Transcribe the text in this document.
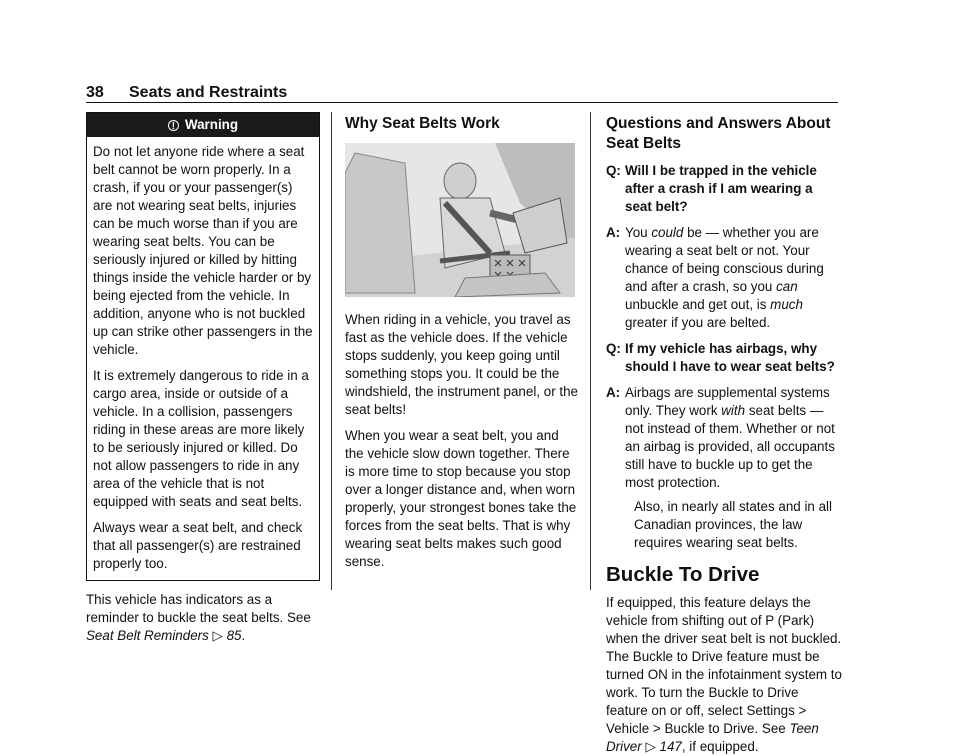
38 Seats and Restraints
!
Warning

Do not let anyone ride where a seat belt cannot be worn properly. In a crash, if you or your passenger(s) are not wearing seat belts, injuries can be much worse than if you are wearing seat belts. You can be seriously injured or killed by hitting things inside the vehicle harder or by being ejected from the vehicle. In addition, anyone who is not buckled up can strike other passengers in the vehicle.

It is extremely dangerous to ride in a cargo area, inside or outside of a vehicle. In a collision, passengers riding in these areas are more likely to be seriously injured or killed. Do not allow passengers to ride in any area of the vehicle that is not equipped with seats and seat belts.

Always wear a seat belt, and check that all passenger(s) are restrained properly too.

This vehicle has indicators as a reminder to buckle the seat belts. See Seat Belt Reminders ▷ 85.

Why Seat Belts Work

When riding in a vehicle, you travel as fast as the vehicle does. If the vehicle stops suddenly, you keep going until something stops you. It could be the windshield, the instrument panel, or the seat belts!

When you wear a seat belt, you and the vehicle slow down together. There is more time to stop because you stop over a longer distance and, when worn properly, your strongest bones take the forces from the seat belts. That is why wearing seat belts makes such good sense.

Questions and Answers About Seat Belts
Q: Will I be trapped in the vehicle after a crash if I am wearing a seat belt?
A: You could be — whether you are wearing a seat belt or not. Your chance of being conscious during and after a crash, so you can unbuckle and get out, is much greater if you are belted.
Q: If my vehicle has airbags, why should I have to wear seat belts?
A: Airbags are supplemental systems only. They work with seat belts — not instead of them. Whether or not an airbag is provided, all occupants still have to buckle up to get the most protection.

Also, in nearly all states and in all Canadian provinces, the law requires wearing seat belts.

Buckle To Drive

If equipped, this feature delays the vehicle from shifting out of P (Park) when the driver seat belt is not buckled. The Buckle to Drive feature must be turned ON in the infotainment system to work. To turn the Buckle to Drive feature on or off, select Settings > Vehicle > Buckle to Drive. See Teen Driver ▷ 147, if equipped.
